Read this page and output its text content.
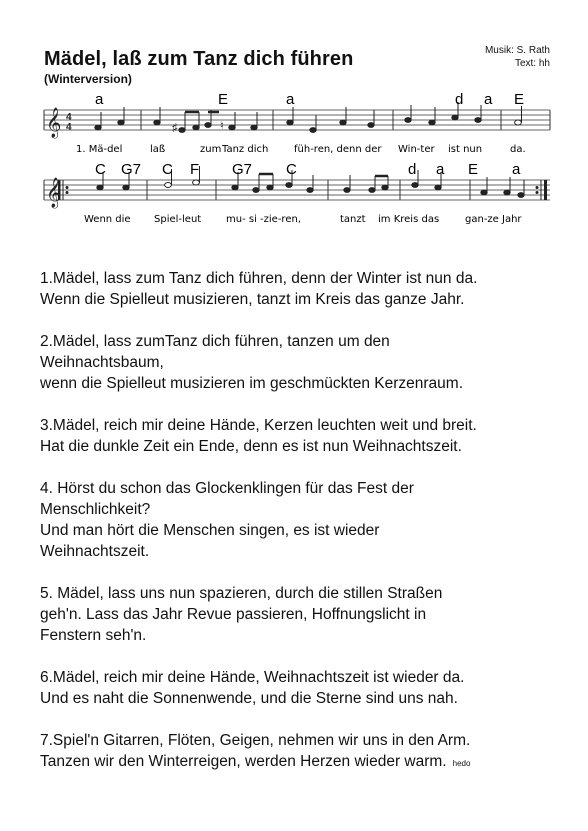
Mädel, laß zum Tanz dich führen
(Winterversion)
Musik: S. Rath
Text: hh
𝄞
𝄞
4
4	♯	♮
a	E	a	d a E
1. Mä-del	laß	zum Tanz dich	füh-ren, denn der Win-ter ist nun	da.
C G7 C F G7 C	d a E a
Wenn die Spiel-leut mu- si -zie-ren,	tanzt im Kreis das	gan-ze Jahr

1.Mädel, lass zum Tanz dich führen, denn der Winter ist nun da.

Wenn die Spielleut musizieren, tanzt im Kreis das ganze Jahr.

2.Mädel, lass zumTanz dich führen, tanzen um den

Weihnachtsbaum,

wenn die Spielleut musizieren im geschmückten Kerzenraum.

3.Mädel, reich mir deine Hände, Kerzen leuchten weit und breit.

Hat die dunkle Zeit ein Ende, denn es ist nun Weihnachtszeit.

4. Hörst du schon das Glockenklingen für das Fest der

Menschlichkeit?

Und man hört die Menschen singen, es ist wieder

Weihnachtszeit.

5. Mädel, lass uns nun spazieren, durch die stillen Straßen

geh'n. Lass das Jahr Revue passieren, Hoffnungslicht in

Fenstern seh'n.

6.Mädel, reich mir deine Hände, Weihnachtszeit ist wieder da.

Und es naht die Sonnenwende, und die Sterne sind uns nah.

7.Spiel'n Gitarren, Flöten, Geigen, nehmen wir uns in den Arm.

Tanzen wir den Winterreigen, werden Herzen wieder warm. hedo
